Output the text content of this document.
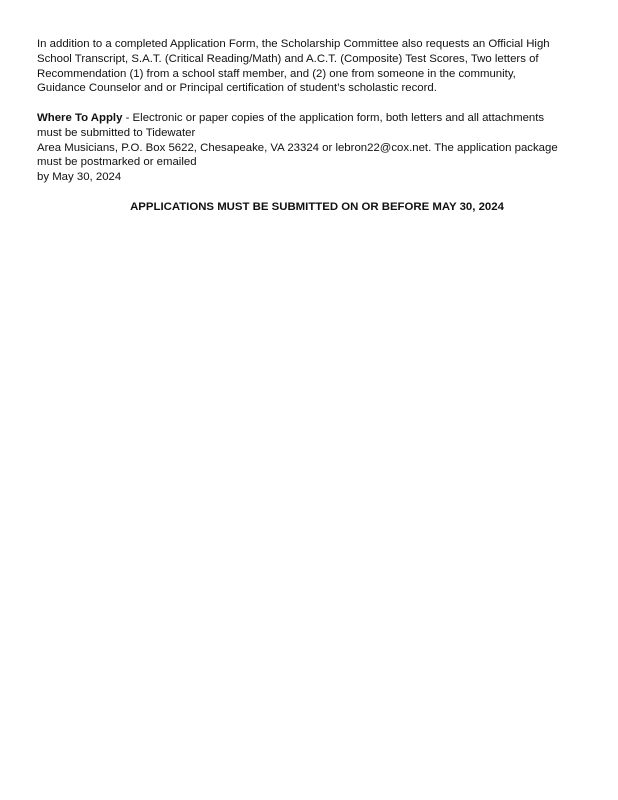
In addition to a completed Application Form, the Scholarship Committee also requests an Official High
School Transcript, S.A.T. (Critical Reading/Math) and A.C.T. (Composite) Test Scores, Two letters of
Recommendation (1) from a school staff member, and (2) one from someone in the community,
Guidance Counselor and or Principal certification of student’s scholastic record.
Where To Apply - Electronic or paper copies of the application form, both letters and all attachments
must be submitted to Tidewater
Area Musicians, P.O. Box 5622, Chesapeake, VA 23324 or lebron22@cox.net. The application package
must be postmarked or emailed
by May 30, 2024
APPLICATIONS MUST BE SUBMITTED ON OR BEFORE MAY 30, 2024
